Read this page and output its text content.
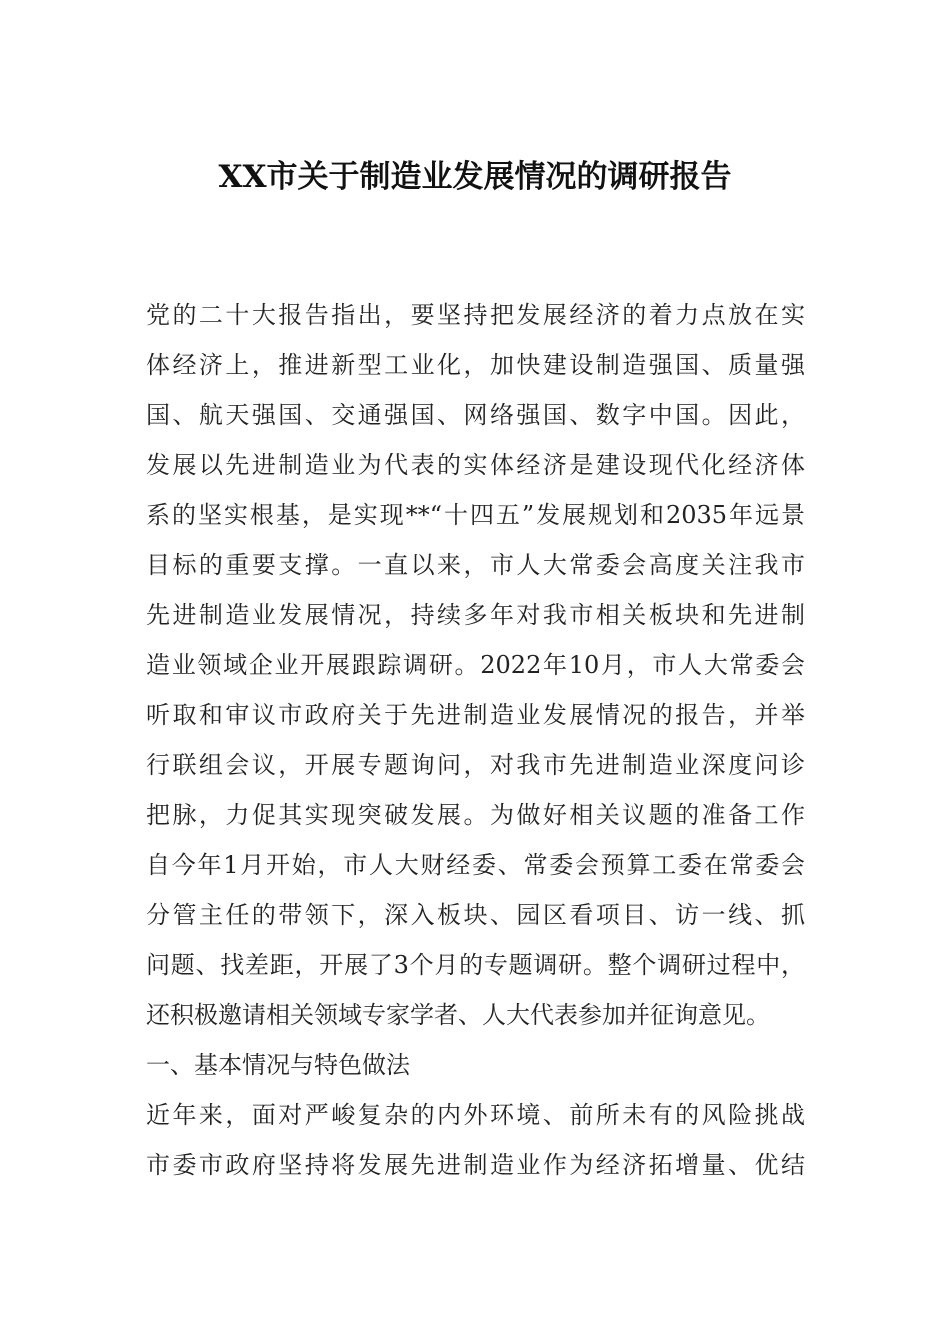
XX市关于制造业发展情况的调研报告
党的二十大报告指出，要坚持把发展经济的着力点放在实
体经济上，推进新型工业化，加快建设制造强国、质量强
国、航天强国、交通强国、网络强国、数字中国。因此，
发展以先进制造业为代表的实体经济是建设现代化经济体
系的坚实根基，是实现**“十四五”发展规划和2035年远景
目标的重要支撑。一直以来，市人大常委会高度关注我市
先进制造业发展情况，持续多年对我市相关板块和先进制
造业领域企业开展跟踪调研。2022年10月，市人大常委会
听取和审议市政府关于先进制造业发展情况的报告，并举
行联组会议，开展专题询问，对我市先进制造业深度问诊
把脉，力促其实现突破发展。为做好相关议题的准备工作
自今年1月开始，市人大财经委、常委会预算工委在常委会
分管主任的带领下，深入板块、园区看项目、访一线、抓
问题、找差距，开展了3个月的专题调研。整个调研过程中，
还积极邀请相关领域专家学者、人大代表参加并征询意见。
一、基本情况与特色做法
近年来，面对严峻复杂的内外环境、前所未有的风险挑战
市委市政府坚持将发展先进制造业作为经济拓增量、优结
